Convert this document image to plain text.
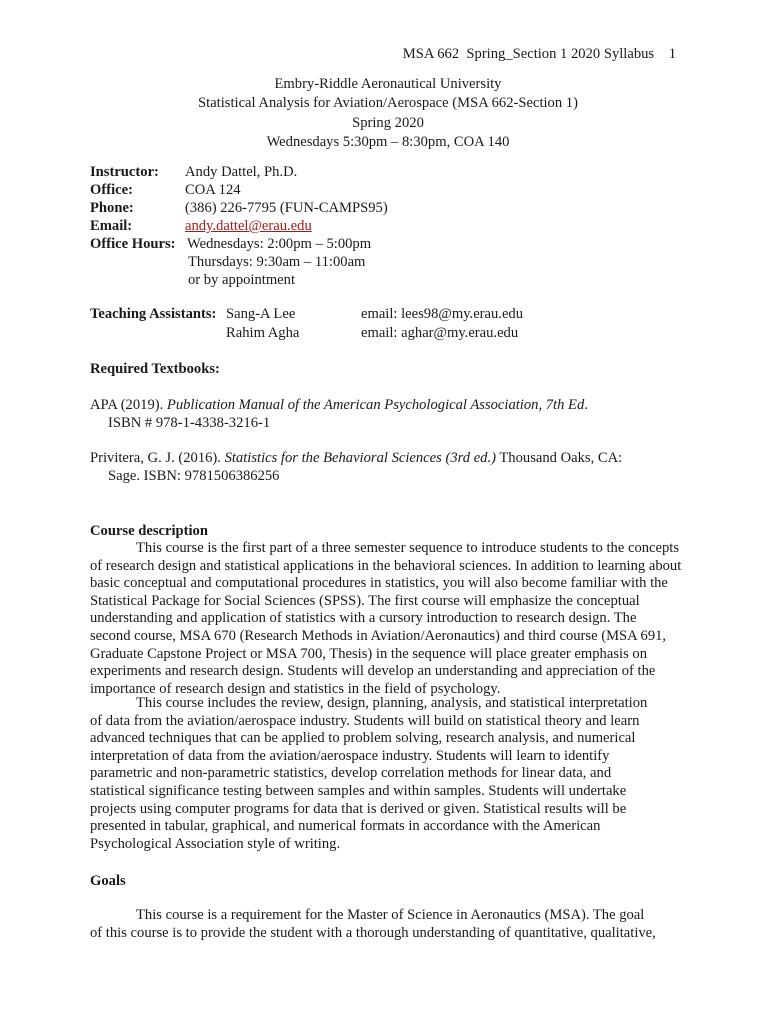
MSA 662  Spring_Section 1 2020 Syllabus 1
Embry-Riddle Aeronautical University
Statistical Analysis for Aviation/Aerospace (MSA 662-Section 1)
Spring 2020
Wednesdays 5:30pm – 8:30pm, COA 140
Instructor: Andy Dattel, Ph.D.
Office:	COA 124
Phone:	(386) 226-7795 (FUN-CAMPS95)
Email:	andy.dattel@erau.edu
Office Hours: Wednesdays: 2:00pm – 5:00pm
Thursdays: 9:30am – 11:00am
or by appointment
Teaching Assistants: Sang-A Lee	email: lees98@my.erau.edu
Rahim Agha	email: aghar@my.erau.edu
Required Textbooks:
APA (2019). Publication Manual of the American Psychological Association, 7th Ed.
ISBN # 978-1-4338-3216-1
Privitera, G. J. (2016). Statistics for the Behavioral Sciences (3rd ed.) Thousand Oaks, CA:
Sage. ISBN: 9781506386256
Course description
This course is the first part of a three semester sequence to introduce students to the concepts
of research design and statistical applications in the behavioral sciences. In addition to learning about
basic conceptual and computational procedures in statistics, you will also become familiar with the
Statistical Package for Social Sciences (SPSS). The first course will emphasize the conceptual
understanding and application of statistics with a cursory introduction to research design. The
second course, MSA 670 (Research Methods in Aviation/Aeronautics) and third course (MSA 691,
Graduate Capstone Project or MSA 700, Thesis) in the sequence will place greater emphasis on
experiments and research design. Students will develop an understanding and appreciation of the
importance of research design and statistics in the field of psychology.
This course includes the review, design, planning, analysis, and statistical interpretation
of data from the aviation/aerospace industry. Students will build on statistical theory and learn
advanced techniques that can be applied to problem solving, research analysis, and numerical
interpretation of data from the aviation/aerospace industry. Students will learn to identify
parametric and non-parametric statistics, develop correlation methods for linear data, and
statistical significance testing between samples and within samples. Students will undertake
projects using computer programs for data that is derived or given. Statistical results will be
presented in tabular, graphical, and numerical formats in accordance with the American
Psychological Association style of writing.
Goals
This course is a requirement for the Master of Science in Aeronautics (MSA). The goal
of this course is to provide the student with a thorough understanding of quantitative, qualitative,
